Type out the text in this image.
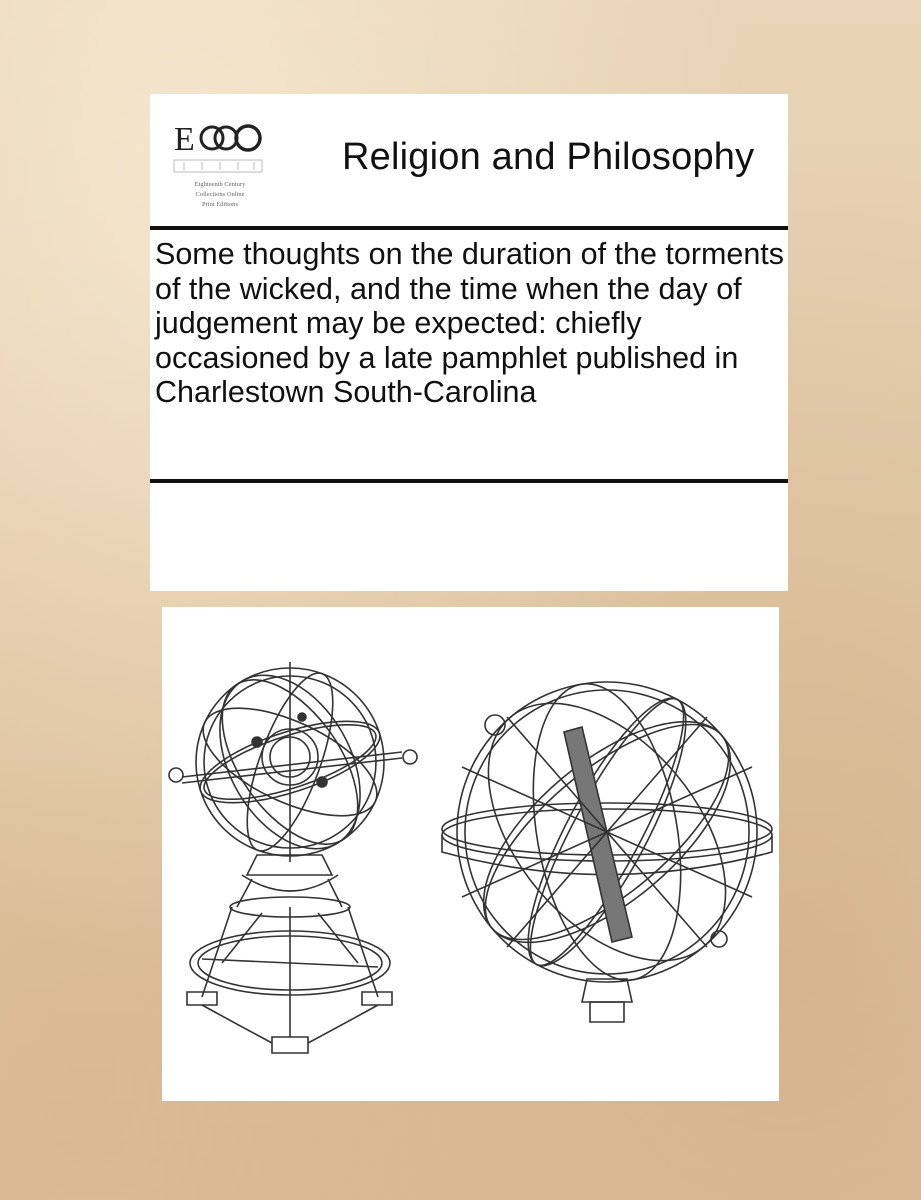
E
Eighteenth Century
Collections Online
Print Editions
Religion and Philosophy
Some thoughts on the duration of the torments of the wicked, and the time when the day of judgement may be expected: chiefly occasioned by a late pamphlet published in Charlestown South-Carolina
